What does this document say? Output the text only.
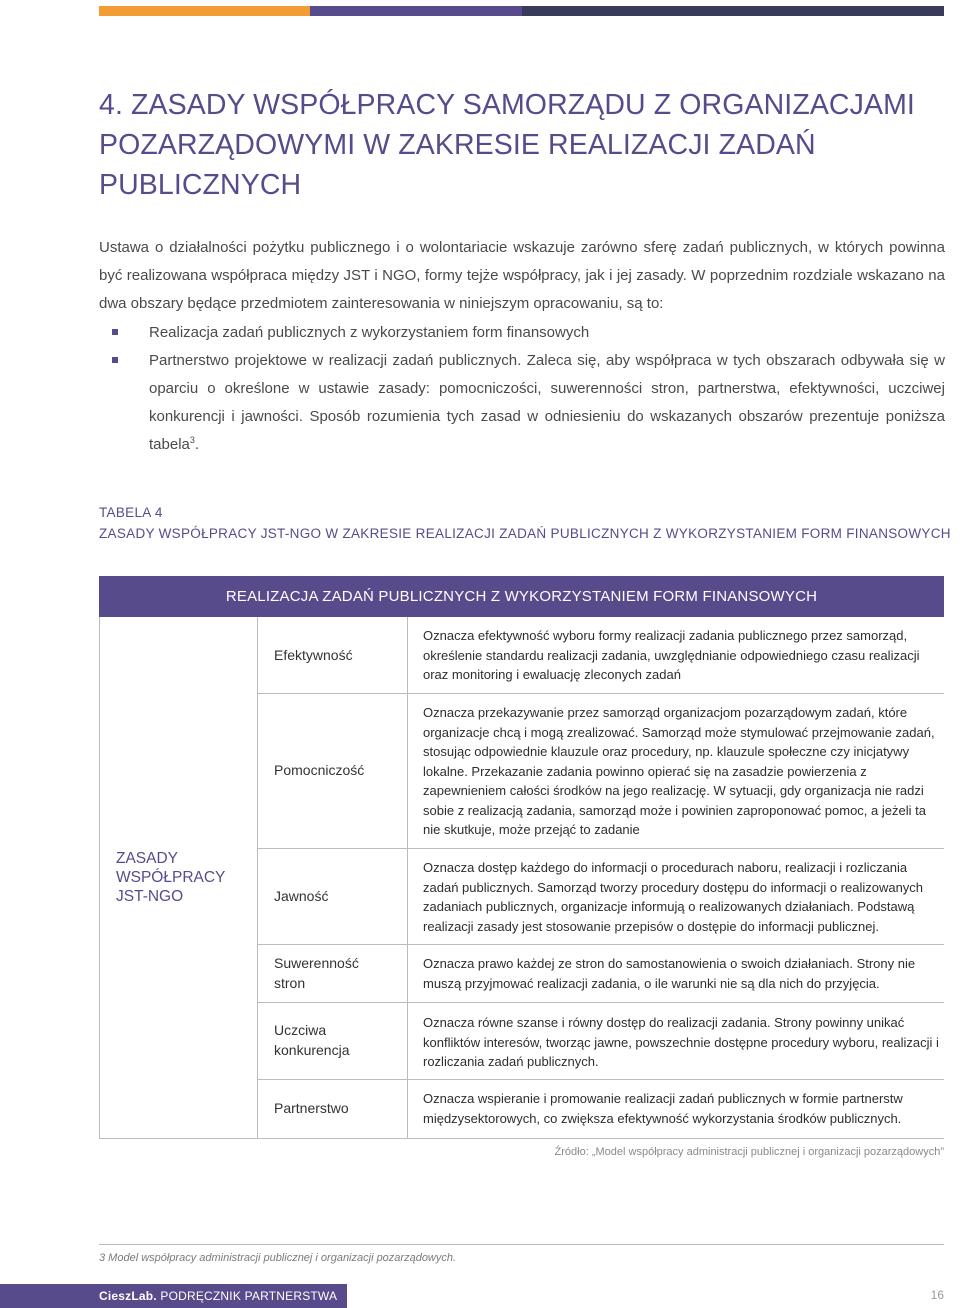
4. ZASADY WSPÓŁPRACY SAMORZĄDU Z ORGANIZACJAMI POZARZĄDOWYMI W ZAKRESIE REALIZACJI ZADAŃ PUBLICZNYCH

Ustawa o działalności pożytku publicznego i o wolontariacie wskazuje zarówno sferę zadań publicznych, w których powinna być realizowana współpraca między JST i NGO, formy tejże współpracy, jak i jej zasady. W poprzednim rozdziale wskazano na dwa obszary będące przedmiotem zainteresowania w niniejszym opracowaniu, są to:

Realizacja zadań publicznych z wykorzystaniem form finansowych
Partnerstwo projektowe w realizacji zadań publicznych. Zaleca się, aby współpraca w tych obszarach odbywała się w oparciu o określone w ustawie zasady: pomocniczości, suwerenności stron, partnerstwa, efektywności, uczciwej konkurencji i jawności. Sposób rozumienia tych zasad w odniesieniu do wskazanych obszarów prezentuje poniższa tabela$^3$.
TABELA 4
ZASADY WSPÓŁPRACY JST-NGO W ZAKRESIE REALIZACJI ZADAŃ PUBLICZNYCH Z WYKORZYSTANIEM FORM FINANSOWYCH
REALIZACJA ZADAŃ PUBLICZNYCH Z WYKORZYSTANIEM FORM FINANSOWYCH
ZASADY WSPÓŁPRACY JST-NGO
Efektywność
Oznacza efektywność wyboru formy realizacji zadania publicznego przez samorząd, określenie standardu realizacji zadania, uwzględnianie odpowiedniego czasu realizacji oraz monitoring i ewaluację zleconych zadań
Pomocniczość
Oznacza przekazywanie przez samorząd organizacjom pozarządowym zadań, które organizacje chcą i mogą zrealizować. Samorząd może stymulować przejmowanie zadań, stosując odpowiednie klauzule oraz procedury, np. klauzule społeczne czy inicjatywy lokalne. Przekazanie zadania powinno opierać się na zasadzie powierzenia z zapewnieniem całości środków na jego realizację. W sytuacji, gdy organizacja nie radzi sobie z realizacją zadania, samorząd może i powinien zaproponować pomoc, a jeżeli ta nie skutkuje, może przejąć to zadanie
Jawność
Oznacza dostęp każdego do informacji o procedurach naboru, realizacji i rozliczania zadań publicznych. Samorząd tworzy procedury dostępu do informacji o realizowanych zadaniach publicznych, organizacje informują o realizowanych działaniach. Podstawą realizacji zasady jest stosowanie przepisów o dostępie do informacji publicznej.
Suwerenność stron
Oznacza prawo każdej ze stron do samostanowienia o swoich działaniach. Strony nie muszą przyjmować realizacji zadania, o ile warunki nie są dla nich do przyjęcia.
Uczciwa konkurencja
Oznacza równe szanse i równy dostęp do realizacji zadania. Strony powinny unikać konfliktów interesów, tworząc jawne, powszechnie dostępne procedury wyboru, realizacji i rozliczania zadań publicznych.
Partnerstwo
Oznacza wspieranie i promowanie realizacji zadań publicznych w formie partnerstw międzysektorowych, co zwiększa efektywność wykorzystania środków publicznych.
Źródło: „Model współpracy administracji publicznej i organizacji pozarządowych”
3 Model współpracy administracji publicznej i organizacji pozarządowych.
CieszLab. PODRĘCZNIK PARTNERSTWA	16
